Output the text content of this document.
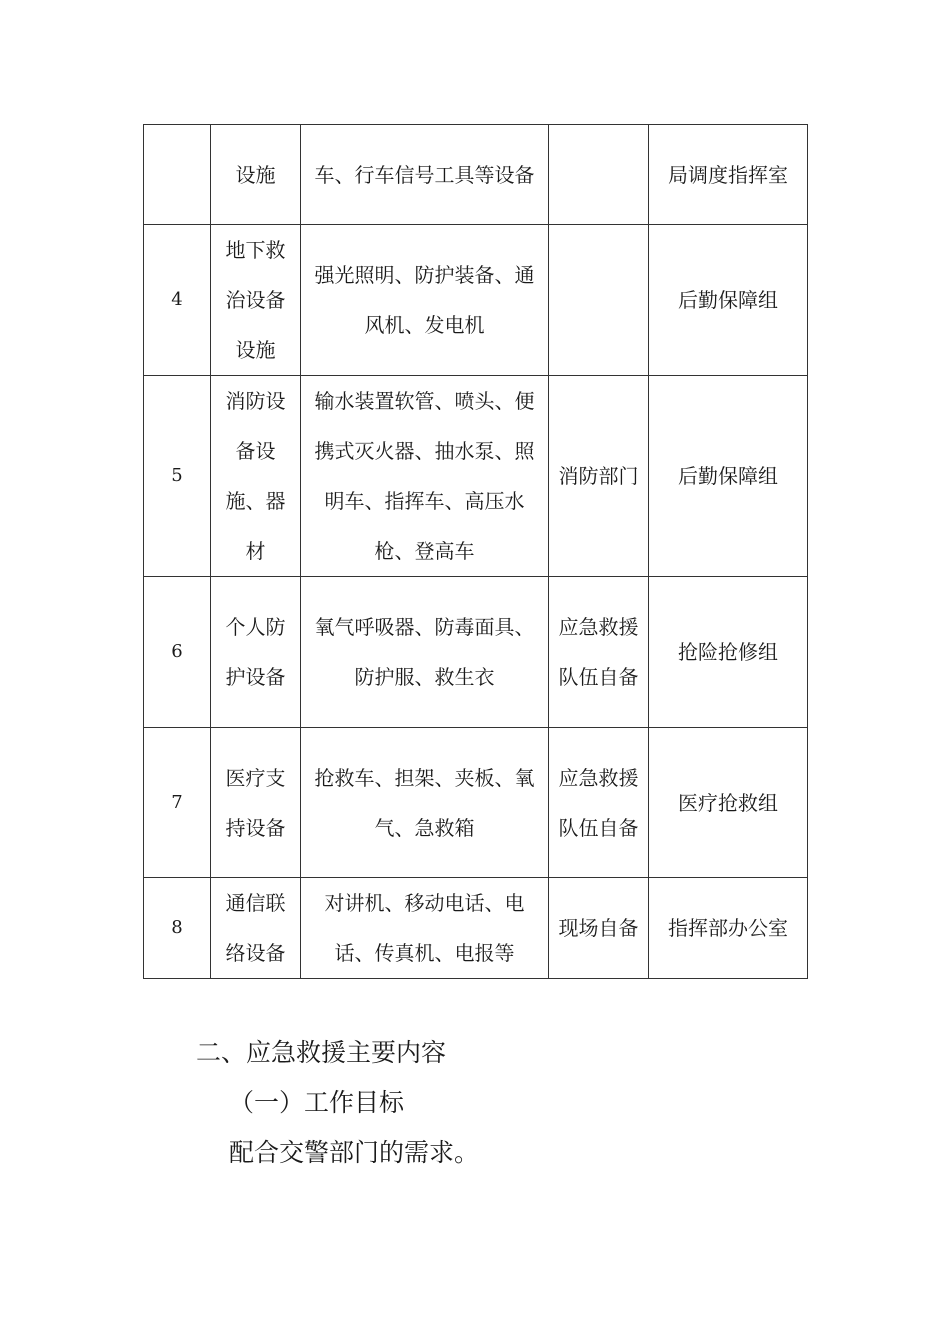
	设施	车、行车信号工具等设备		局调度指挥室
4	地下救治设备设施	强光照明、防护装备、通风机、发电机		后勤保障组
5	消防设备设施、器材	输水装置软管、喷头、便携式灭火器、抽水泵、照明车、指挥车、高压水枪、登高车	消防部门	后勤保障组
6	个人防护设备	氧气呼吸器、防毒面具、防护服、救生衣	应急救援队伍自备	抢险抢修组
7	医疗支持设备	抢救车、担架、夹板、氧气、急救箱	应急救援队伍自备	医疗抢救组
8	通信联络设备	对讲机、移动电话、电话、传真机、电报等	现场自备	指挥部办公室
二、应急救援主要内容
（一）工作目标
配合交警部门的需求。
